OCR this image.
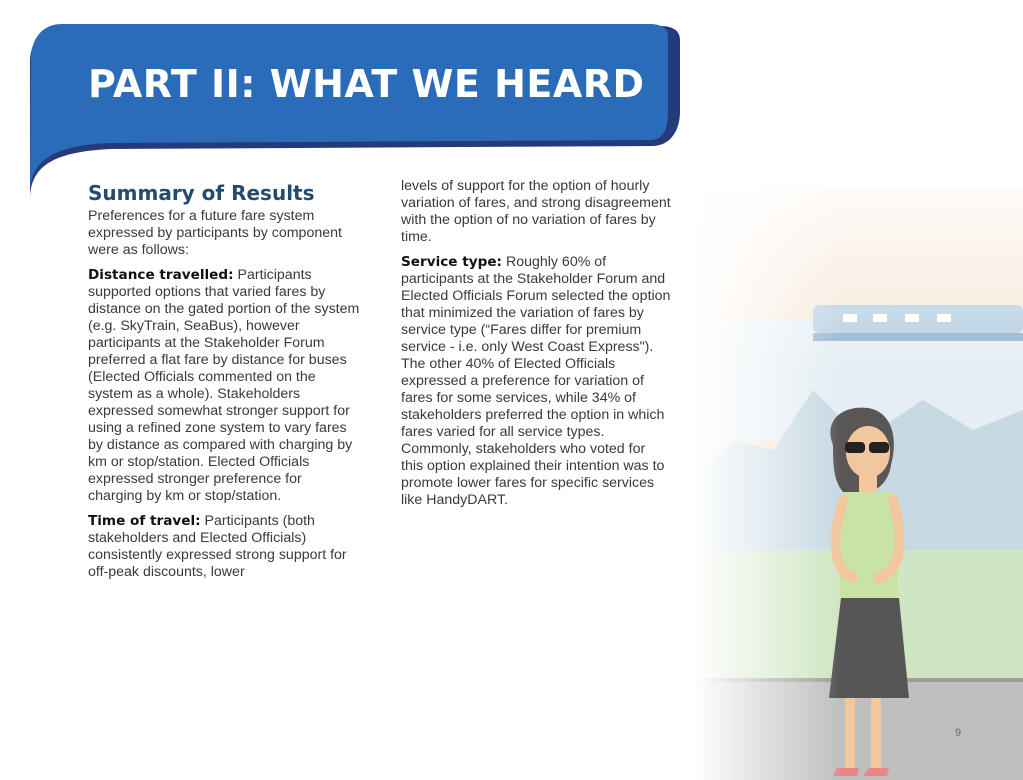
PART II: WHAT WE HEARD
Summary of Results

Preferences for a future fare system expressed by participants by component were as follows:

Distance travelled: Participants supported options that varied fares by distance on the gated portion of the system (e.g. SkyTrain, SeaBus), however participants at the Stakeholder Forum preferred a flat fare by distance for buses (Elected Officials commented on the system as a whole). Stakeholders expressed somewhat stronger support for using a refined zone system to vary fares by distance as compared with charging by km or stop/station. Elected Officials expressed stronger preference for charging by km or stop/station.

Time of travel: Participants (both stakeholders and Elected Officials) consistently expressed strong support for off-peak discounts, lower

levels of support for the option of hourly variation of fares, and strong disagreement with the option of no variation of fares by time.

Service type: Roughly 60% of participants at the Stakeholder Forum and Elected Officials Forum selected the option that minimized the variation of fares by service type (“Fares differ for premium service - i.e. only West Coast Express"). The other 40% of Elected Officials expressed a preference for variation of fares for some services, while 34% of stakeholders preferred the option in which fares varied for all service types. Commonly, stakeholders who voted for this option explained their intention was to promote lower fares for specific services like HandyDART.

9
